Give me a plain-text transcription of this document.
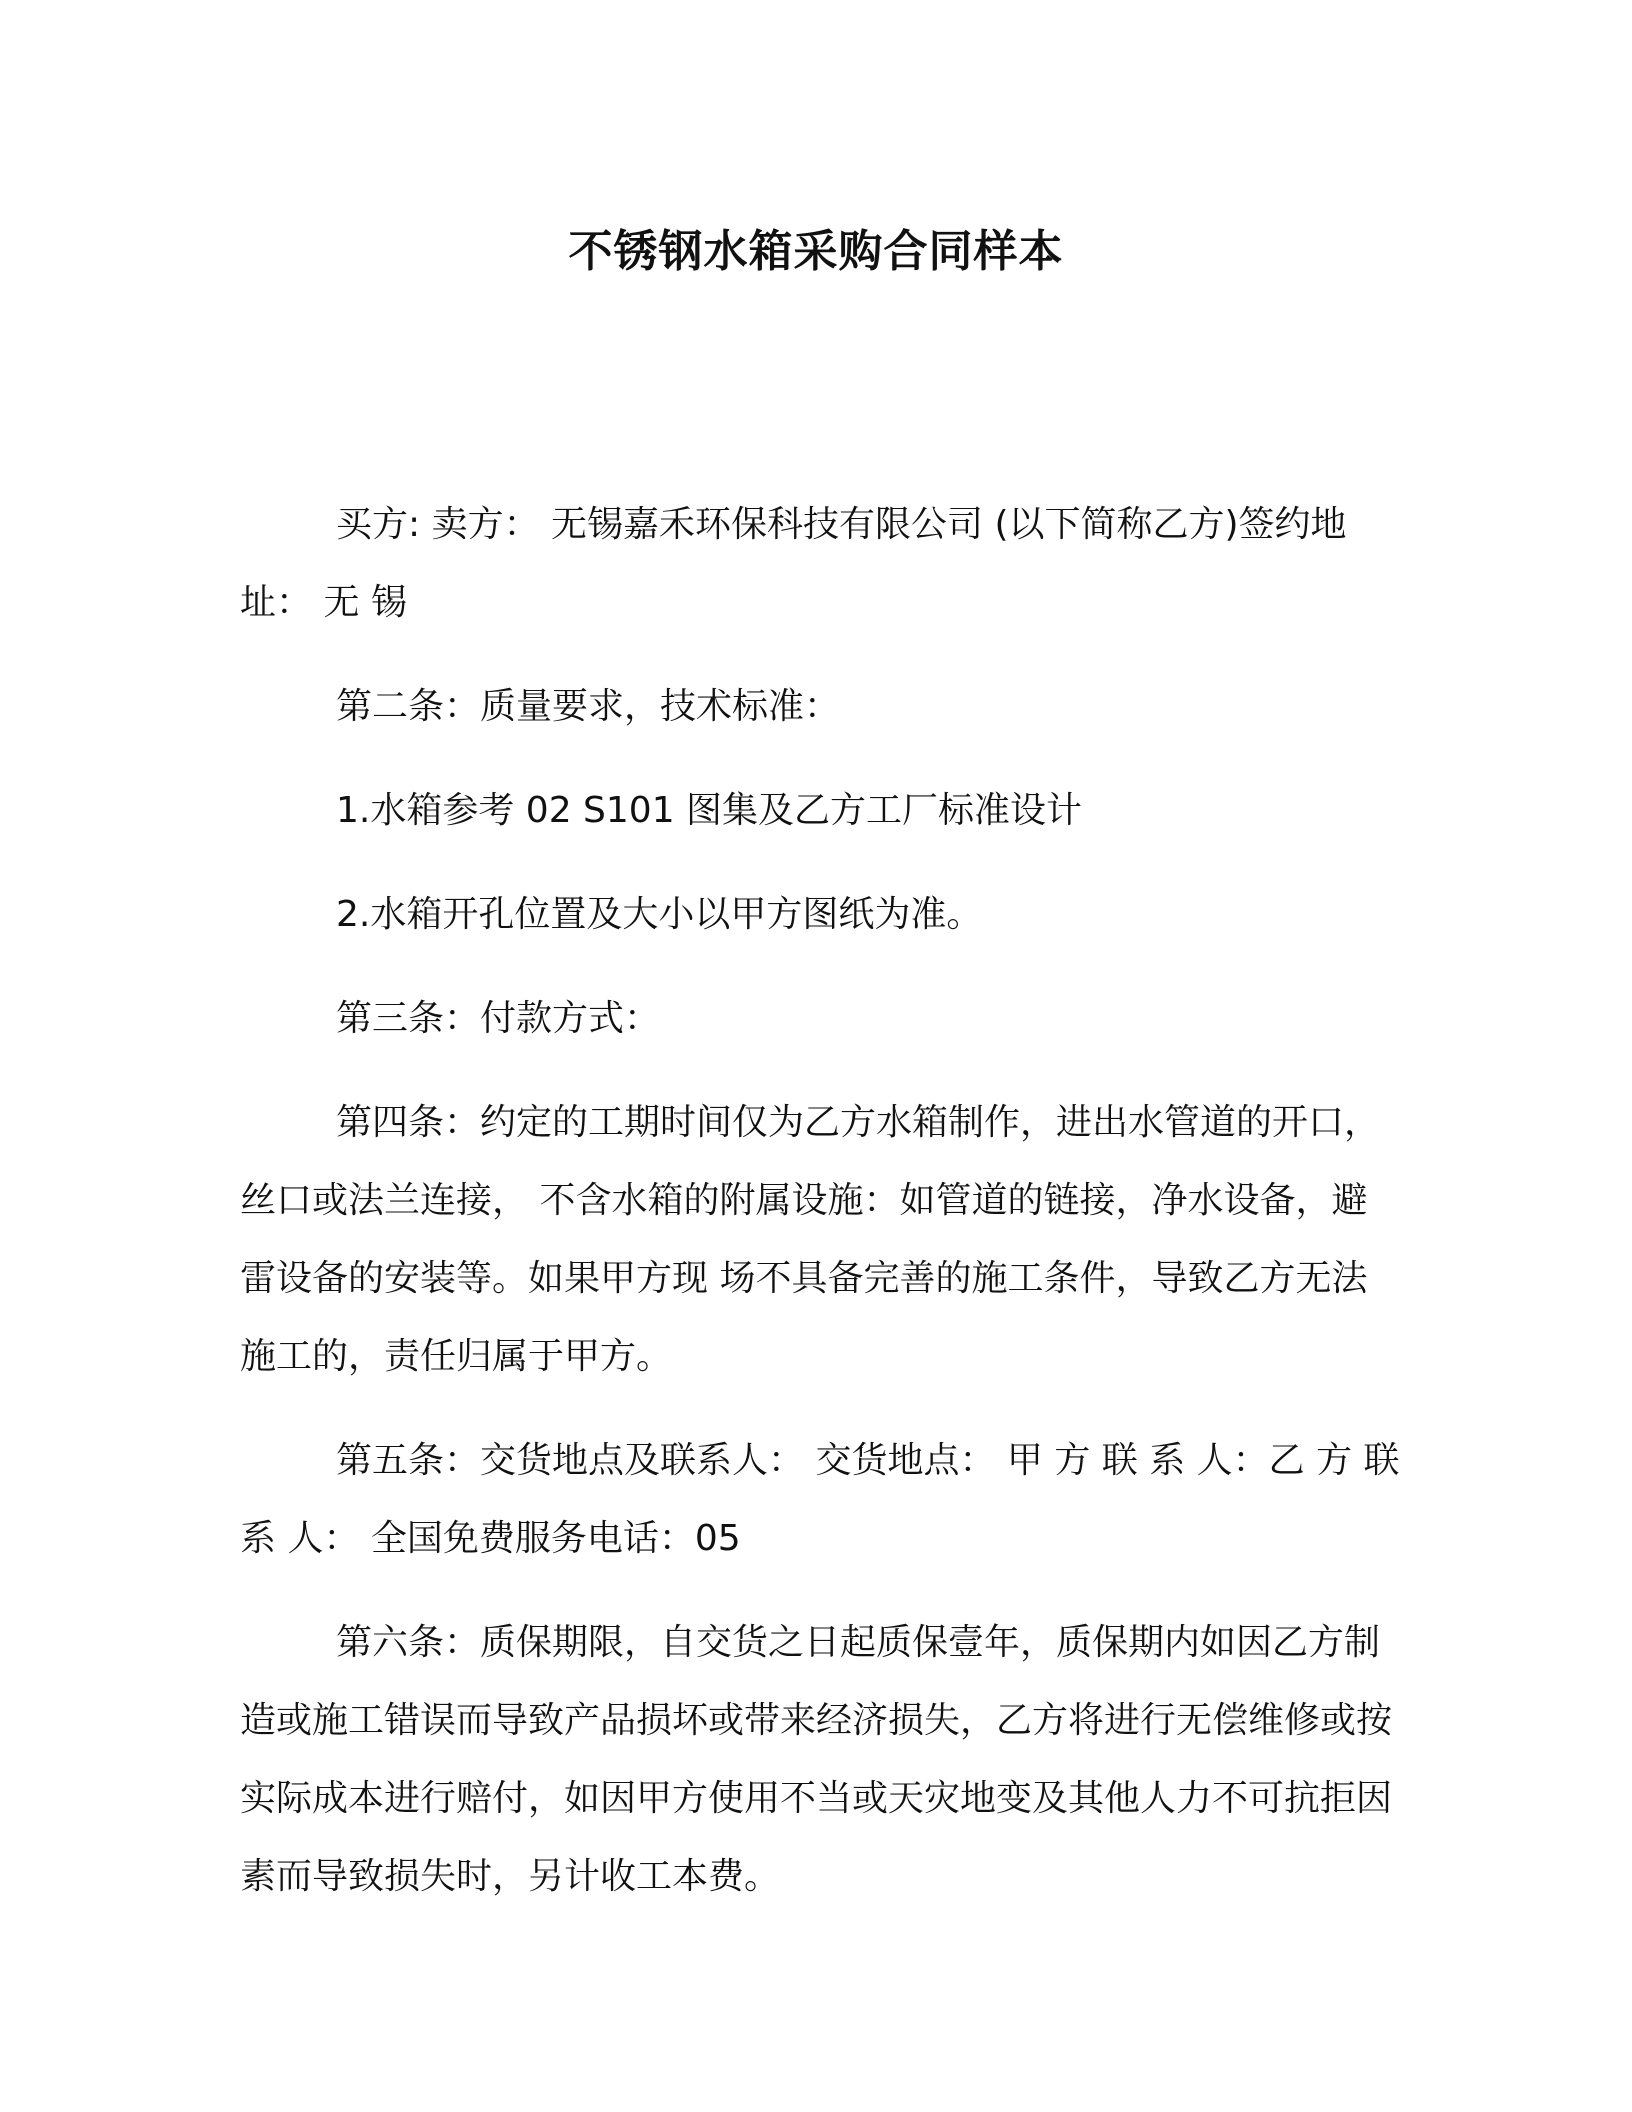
不锈钢水箱采购合同样本

买方: 卖方： 无锡嘉禾环保科技有限公司 (以下简称乙方)签约地址： 无 锡

第二条：质量要求，技术标准：

1.水箱参考 02 S101 图集及乙方工厂标准设计

2.水箱开孔位置及大小以甲方图纸为准。

第三条：付款方式：

第四条：约定的工期时间仅为乙方水箱制作，进出水管道的开口，丝口或法兰连接， 不含水箱的附属设施：如管道的链接，净水设备，避雷设备的安装等。如果甲方现 场不具备完善的施工条件，导致乙方无法施工的，责任归属于甲方。

第五条：交货地点及联系人： 交货地点： 甲 方 联 系 人：乙 方 联 系 人： 全国免费服务电话：05

第六条：质保期限，自交货之日起质保壹年，质保期内如因乙方制造或施工错误而导致产品损坏或带来经济损失，乙方将进行无偿维修或按实际成本进行赔付，如因甲方使用不当或天灾地变及其他人力不可抗拒因素而导致损失时，另计收工本费。
